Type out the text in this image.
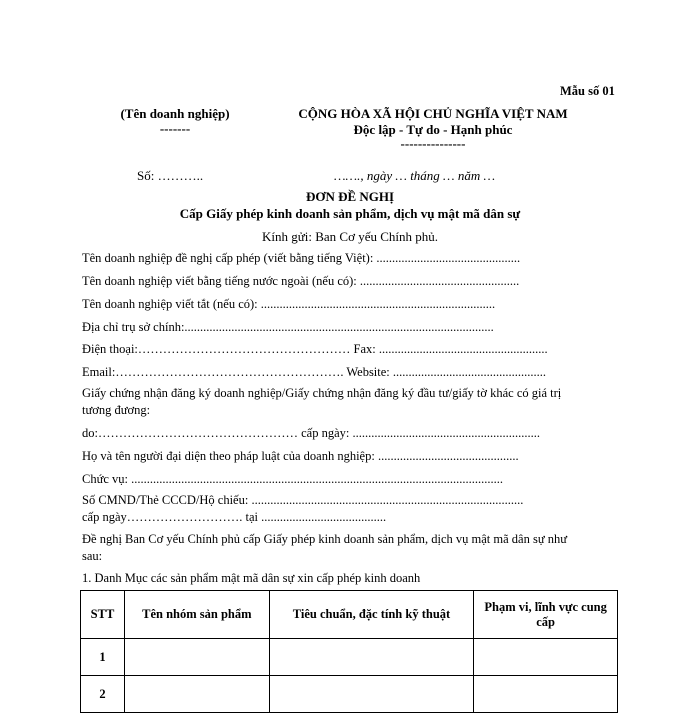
Mẫu số 01
(Tên doanh nghiệp)
-------
CỘNG HÒA XÃ HỘI CHỦ NGHĨA VIỆT NAM
Độc lập - Tự do - Hạnh phúc
---------------
Số: ………..	……., ngày … tháng … năm …
ĐƠN ĐỀ NGHỊ
Cấp Giấy phép kinh doanh sản phẩm, dịch vụ mật mã dân sự
Kính gửi: Ban Cơ yếu Chính phủ.
Tên doanh nghiệp đề nghị cấp phép (viết bằng tiếng Việt): ..............................................
Tên doanh nghiệp viết bằng tiếng nước ngoài (nếu có): ...................................................
Tên doanh nghiệp viết tắt (nếu có): ...........................................................................
Địa chỉ trụ sở chính:...................................................................................................
Điện thoại:…………………………………………… Fax: ......................................................
Email:………………………………………………. Website: .................................................
Giấy chứng nhận đăng ký doanh nghiệp/Giấy chứng nhận đăng ký đầu tư/giấy tờ khác có giá trị
tương đương:
do:………………………………………… cấp ngày: ............................................................
Họ và tên người đại diện theo pháp luật của doanh nghiệp: .............................................
Chức vụ: .......................................................................................................................
Số CMND/Thẻ CCCD/Hộ chiếu: .......................................................................................
cấp ngày………………………. tại ........................................
Đề nghị Ban Cơ yếu Chính phủ cấp Giấy phép kinh doanh sản phẩm, dịch vụ mật mã dân sự như
sau:
1. Danh Mục các sản phẩm mật mã dân sự xin cấp phép kinh doanh
STT	Tên nhóm sản phẩm	Tiêu chuẩn, đặc tính kỹ thuật	Phạm vi, lĩnh vực cung cấp
1			
2			
